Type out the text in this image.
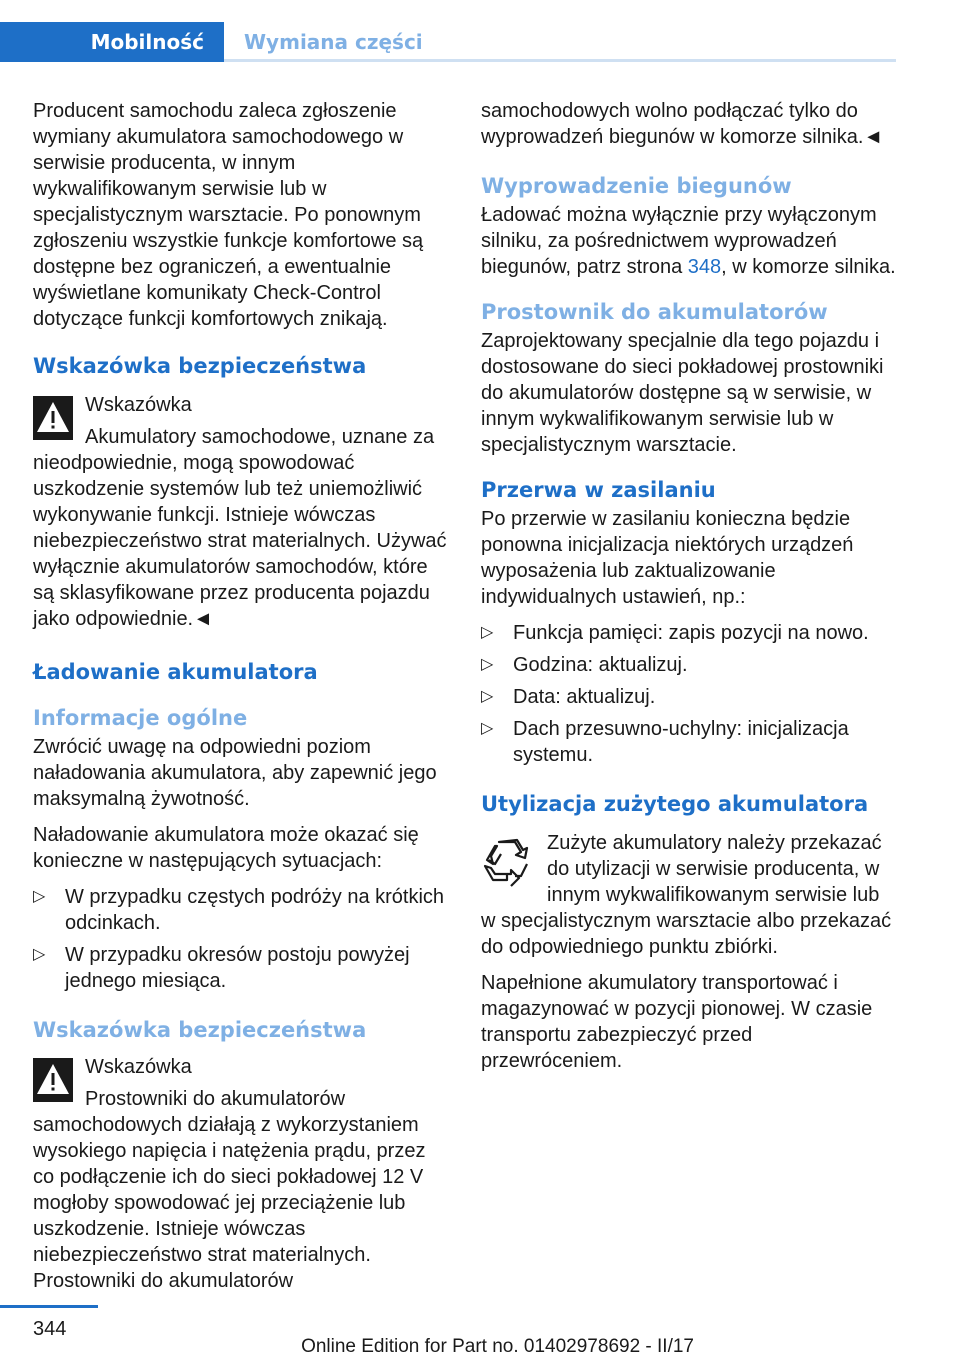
Mobilność Wymiana części

Producent samochodu zaleca zgłoszenie wymiany akumulatora samochodowego w serwisie producenta, w innym wykwalifikowanym serwisie lub w specjalistycznym warsztacie. Po ponownym zgłoszeniu wszystkie funkcje komfortowe są dostępne bez ograniczeń, a ewentualnie wyświetlane komunikaty Check-Control dotyczące funkcji komfortowych znikają.

Wskazówka bezpieczeństwa
Wskazówka

Akumulatory samochodowe, uznane za nieodpowiednie, mogą spowodować uszkodzenie systemów lub też uniemożliwić wykonywanie funkcji. Istnieje wówczas niebezpieczeństwo strat materialnych. Używać wyłącznie akumulatorów samochodów, które są sklasyfikowane przez producenta pojazdu jako odpowiednie.◄

Ładowanie akumulatora
Informacje ogólne

Zwrócić uwagę na odpowiedni poziom naładowania akumulatora, aby zapewnić jego maksymalną żywotność.

Naładowanie akumulatora może okazać się konieczne w następujących sytuacjach:

▷ W przypadku częstych podróży na krótkich odcinkach.
▷ W przypadku okresów postoju powyżej jednego miesiąca.
Wskazówka bezpieczeństwa
Wskazówka

Prostowniki do akumulatorów samochodowych działają z wykorzystaniem wysokiego napięcia i natężenia prądu, przez co podłączenie ich do sieci pokładowej 12 V mogłoby spowodować jej przeciążenie lub uszkodzenie. Istnieje wówczas niebezpieczeństwo strat materialnych. Prostowniki do akumulatorów

samochodowych wolno podłączać tylko do wyprowadzeń biegunów w komorze silnika.◄

Wyprowadzenie biegunów

Ładować można wyłącznie przy wyłączonym silniku, za pośrednictwem wyprowadzeń biegunów, patrz strona 348, w komorze silnika.

Prostownik do akumulatorów

Zaprojektowany specjalnie dla tego pojazdu i dostosowane do sieci pokładowej prostowniki do akumulatorów dostępne są w serwisie, w innym wykwalifikowanym serwisie lub w specjalistycznym warsztacie.

Przerwa w zasilaniu

Po przerwie w zasilaniu konieczna będzie ponowna inicjalizacja niektórych urządzeń wyposażenia lub zaktualizowanie indywidualnych ustawień, np.:

▷ Funkcja pamięci: zapis pozycji na nowo.
▷ Godzina: aktualizuj.
▷ Data: aktualizuj.
▷ Dach przesuwno-uchylny: inicjalizacja systemu.
Utylizacja zużytego akumulatora

Zużyte akumulatory należy przekazać do utylizacji w serwisie producenta, w innym wykwalifikowanym serwisie lub w specjalistycznym warsztacie albo przekazać do odpowiedniego punktu zbiórki.

Napełnione akumulatory transportować i magazynować w pozycji pionowej. W czasie transportu zabezpieczyć przed przewróceniem.

344
Online Edition for Part no. 01402978692 - II/17
